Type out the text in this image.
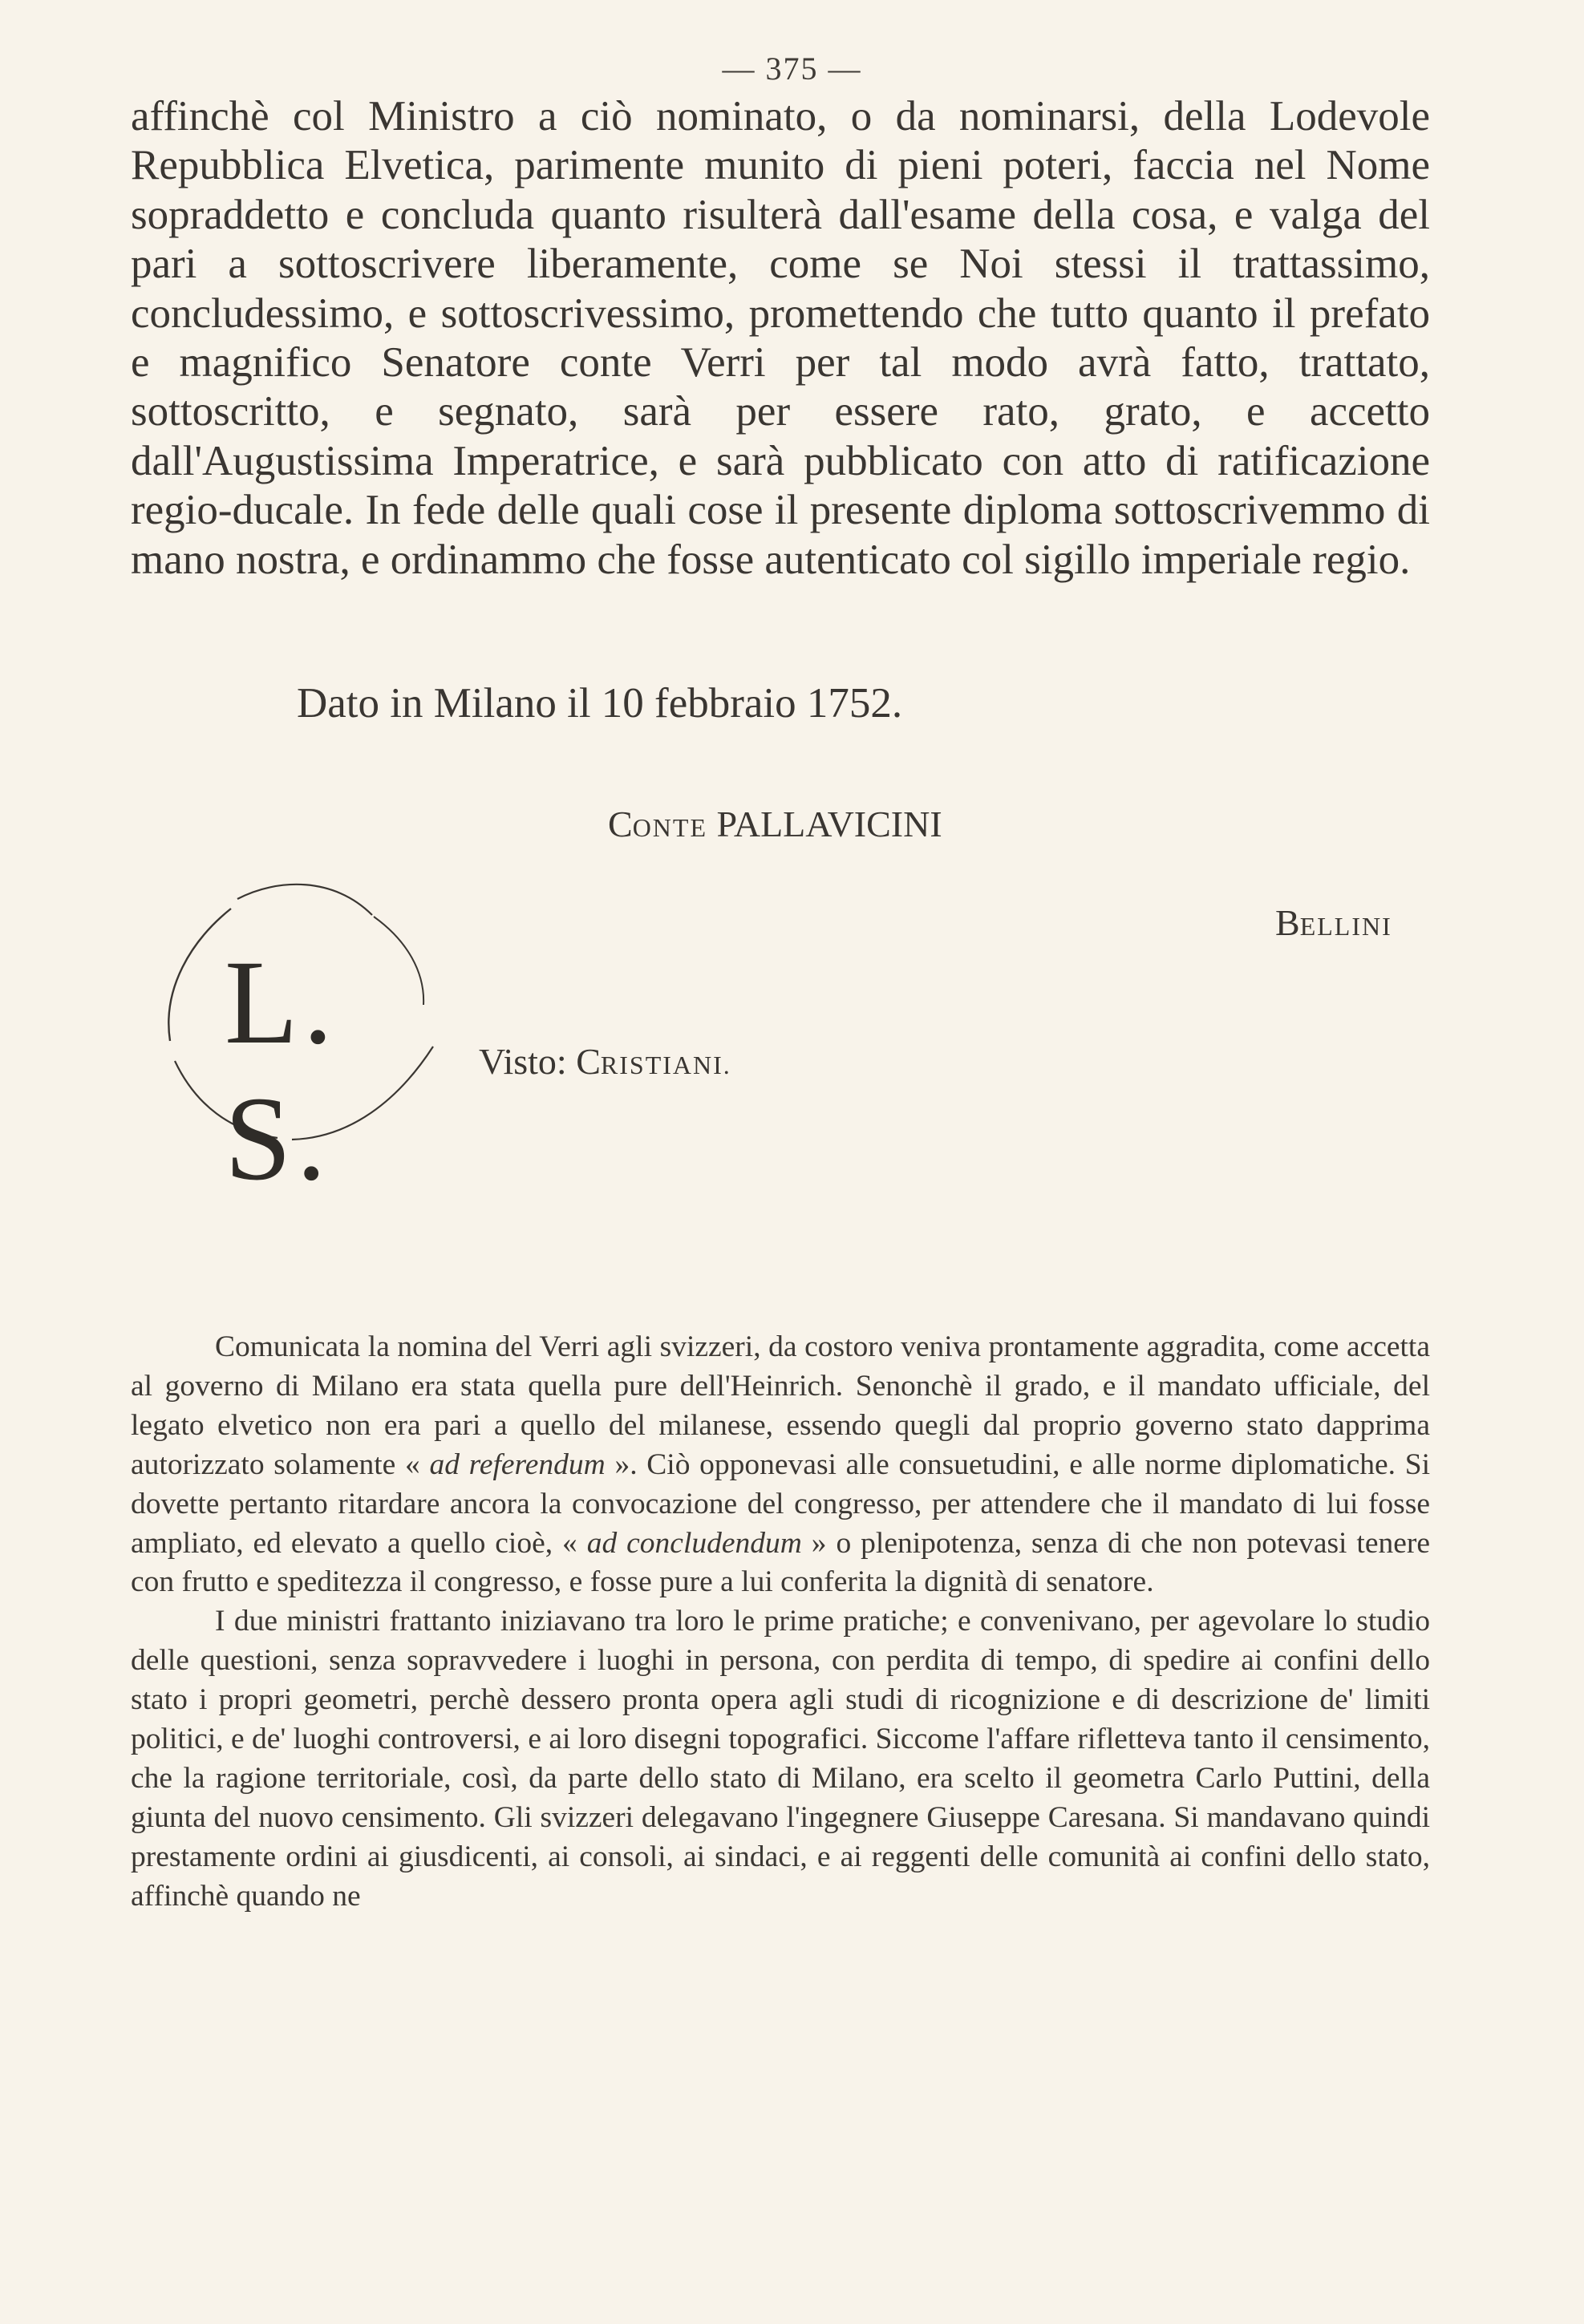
— 375 —

affinchè col Ministro a ciò nominato, o da nominarsi, della Lodevole Repubblica Elvetica, parimente munito di pieni poteri, faccia nel Nome sopraddetto e concluda quanto risulterà dall'esame della cosa, e valga del pari a sottoscrivere liberamente, come se Noi stessi il trattassimo, concludessimo, e sottoscrivessimo, promettendo che tutto quanto il prefato e magnifico Senatore conte Verri per tal modo avrà fatto, trattato, sottoscritto, e segnato, sarà per essere rato, grato, e accetto dall'Augustissima Imperatrice, e sarà pubblicato con atto di ratificazione regio-ducale. In fede delle quali cose il presente diploma sottoscrivemmo di mano nostra, e ordinammo che fosse autenticato col sigillo imperiale regio.

Dato in Milano il 10 febbraio 1752.
CONTE PALLAVICINI
BELLINI
L. S.
Visto: CRISTIANI.

Comunicata la nomina del Verri agli svizzeri, da costoro veniva prontamente aggradita, come accetta al governo di Milano era stata quella pure dell'Heinrich. Senonchè il grado, e il mandato ufficiale, del legato elvetico non era pari a quello del milanese, essendo quegli dal proprio governo stato dapprima autorizzato solamente « ad referendum ». Ciò opponevasi alle consuetudini, e alle norme diplomatiche. Si dovette pertanto ritardare ancora la convocazione del congresso, per attendere che il mandato di lui fosse ampliato, ed elevato a quello cioè, « ad concludendum » o plenipotenza, senza di che non potevasi tenere con frutto e speditezza il congresso, e fosse pure a lui conferita la dignità di senatore.

I due ministri frattanto iniziavano tra loro le prime pratiche; e convenivano, per agevolare lo studio delle questioni, senza sopravvedere i luoghi in persona, con perdita di tempo, di spedire ai confini dello stato i propri geometri, perchè dessero pronta opera agli studi di ricognizione e di descrizione de' limiti politici, e de' luoghi controversi, e ai loro disegni topografici. Siccome l'affare rifletteva tanto il censimento, che la ragione territoriale, così, da parte dello stato di Milano, era scelto il geometra Carlo Puttini, della giunta del nuovo censimento. Gli svizzeri delegavano l'ingegnere Giuseppe Caresana. Si mandavano quindi prestamente ordini ai giusdicenti, ai consoli, ai sindaci, e ai reggenti delle comunità ai confini dello stato, affinchè quando ne
